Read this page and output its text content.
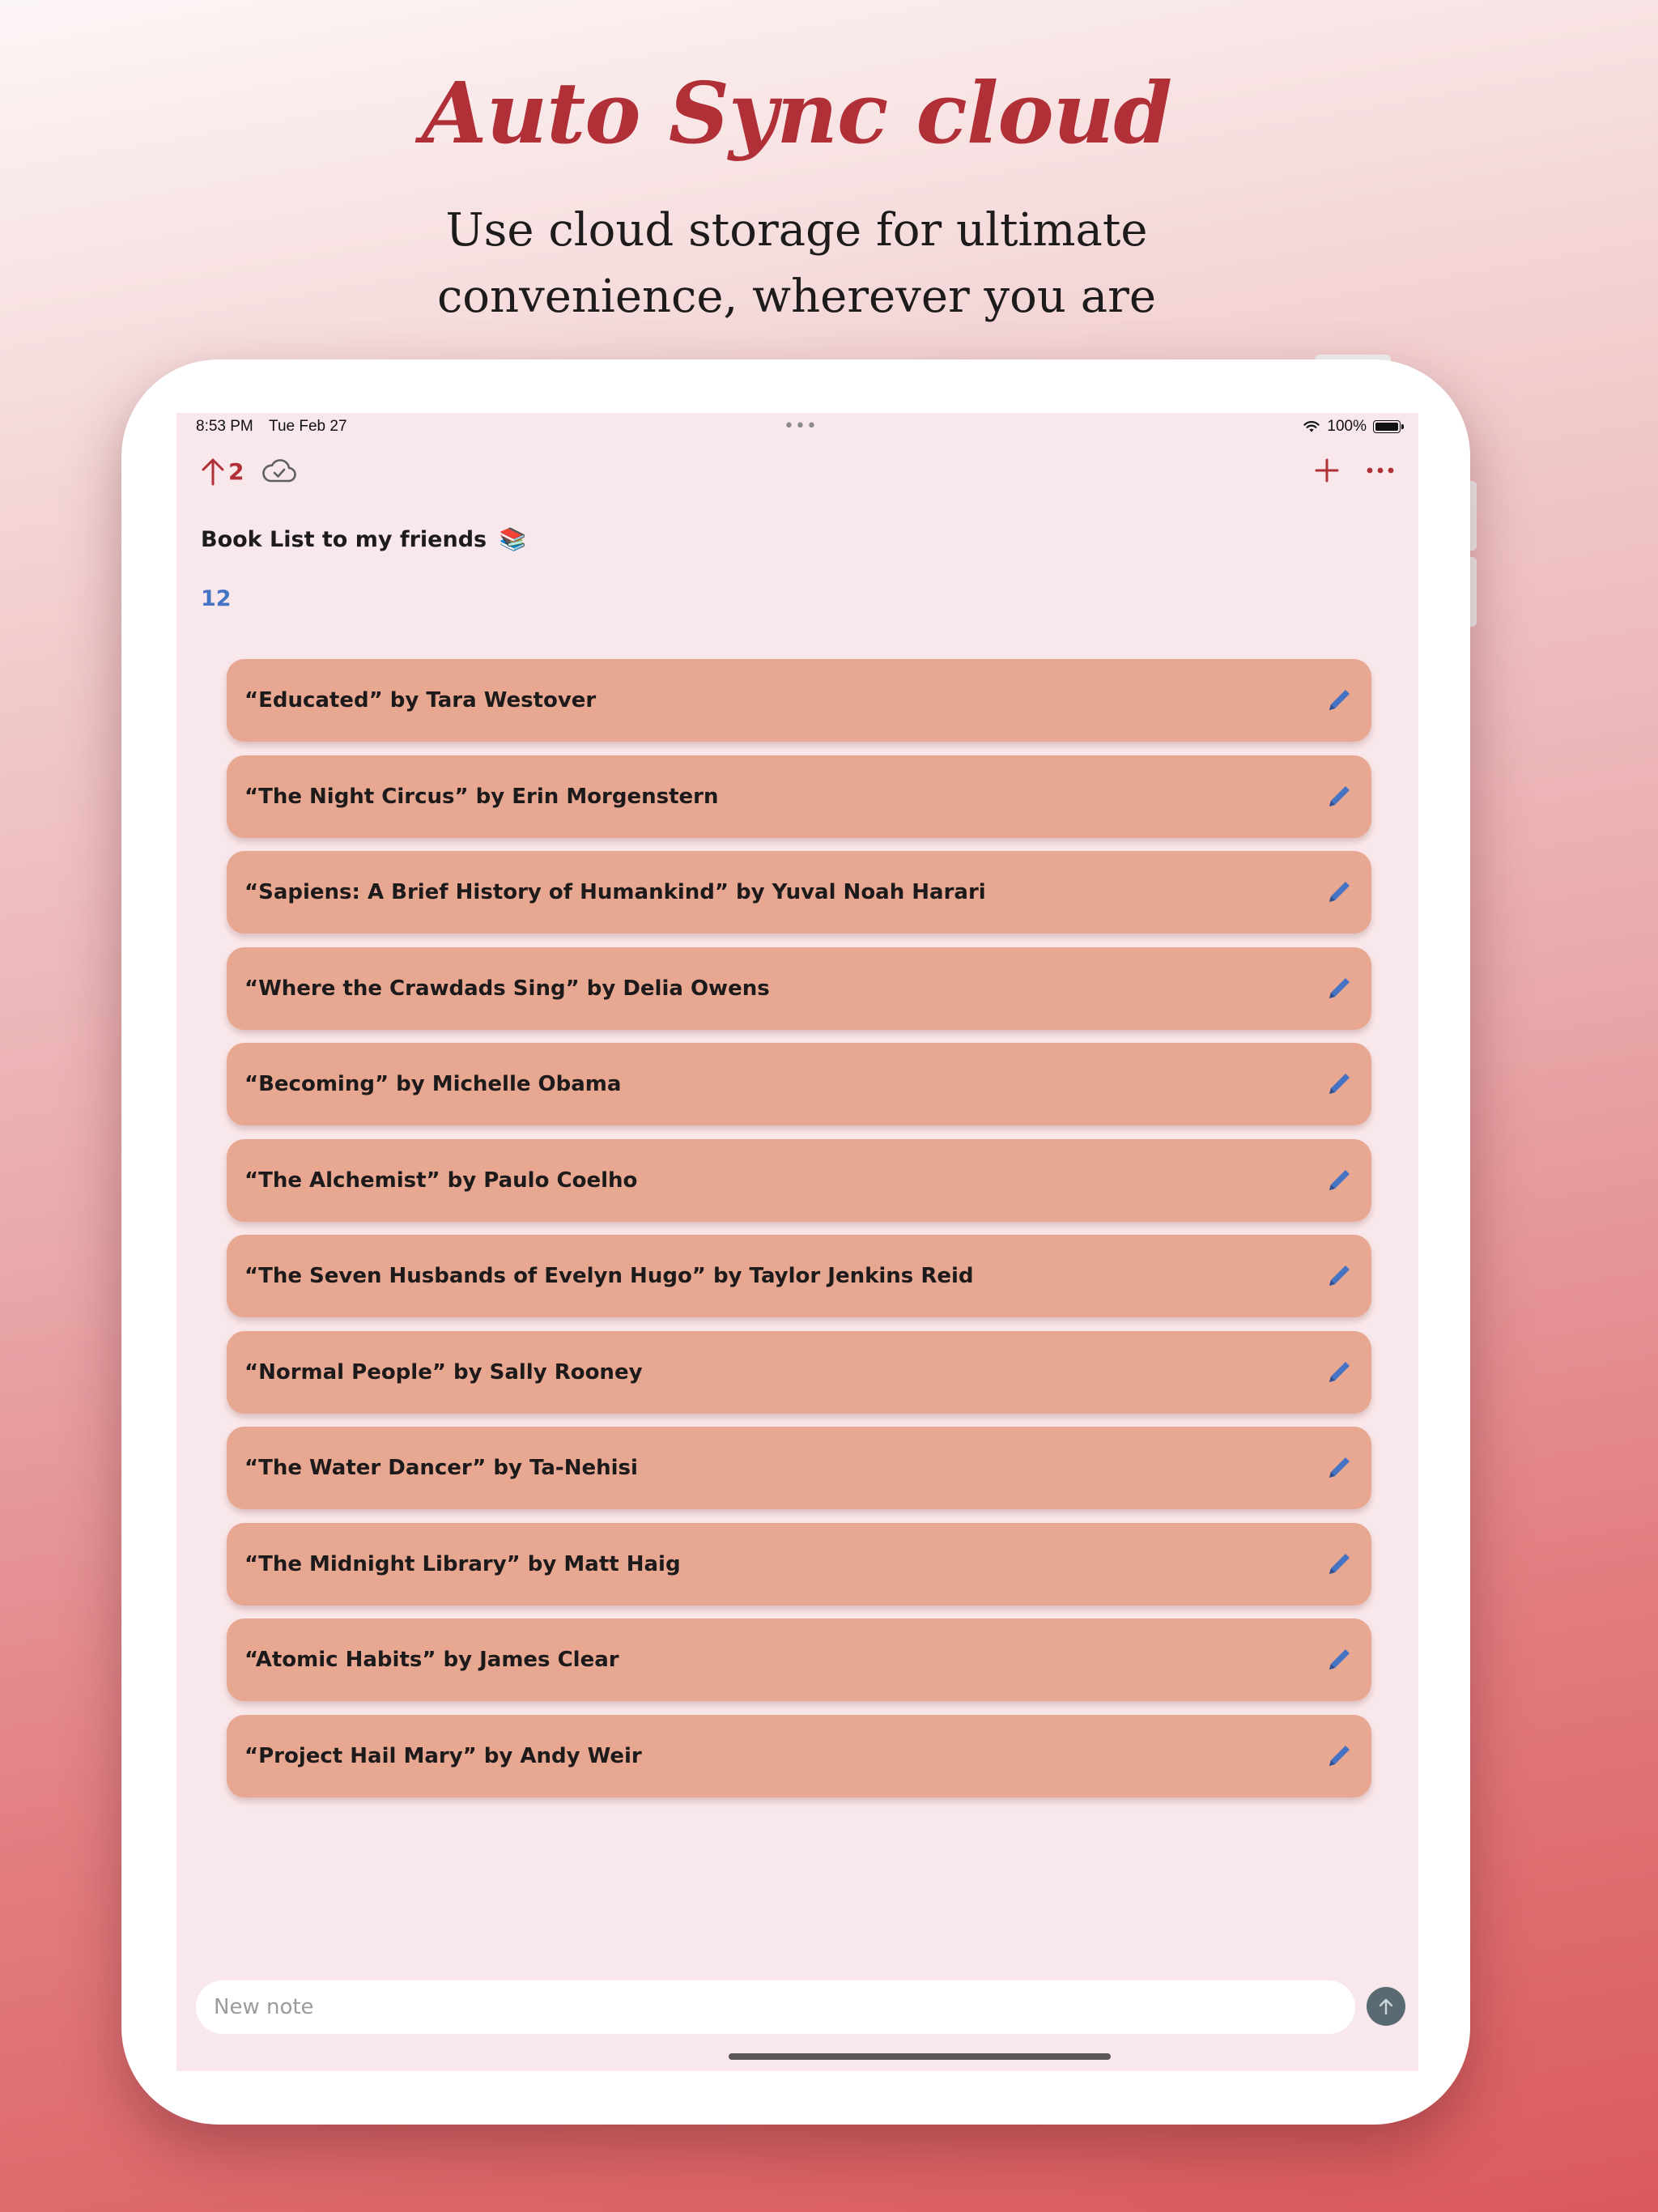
Auto Sync cloud
Use cloud storage for ultimate
convenience, wherever you are
8:53 PM Tue Feb 27	•••	100%
2
Book List to my friends 📚
12
“Educated” by Tara Westover
“The Night Circus” by Erin Morgenstern
“Sapiens: A Brief History of Humankind” by Yuval Noah Harari
“Where the Crawdads Sing” by Delia Owens
“Becoming” by Michelle Obama
“The Alchemist” by Paulo Coelho
“The Seven Husbands of Evelyn Hugo” by Taylor Jenkins Reid
“Normal People” by Sally Rooney
“The Water Dancer” by Ta-Nehisi
“The Midnight Library” by Matt Haig
“Atomic Habits” by James Clear
“Project Hail Mary” by Andy Weir
New note
